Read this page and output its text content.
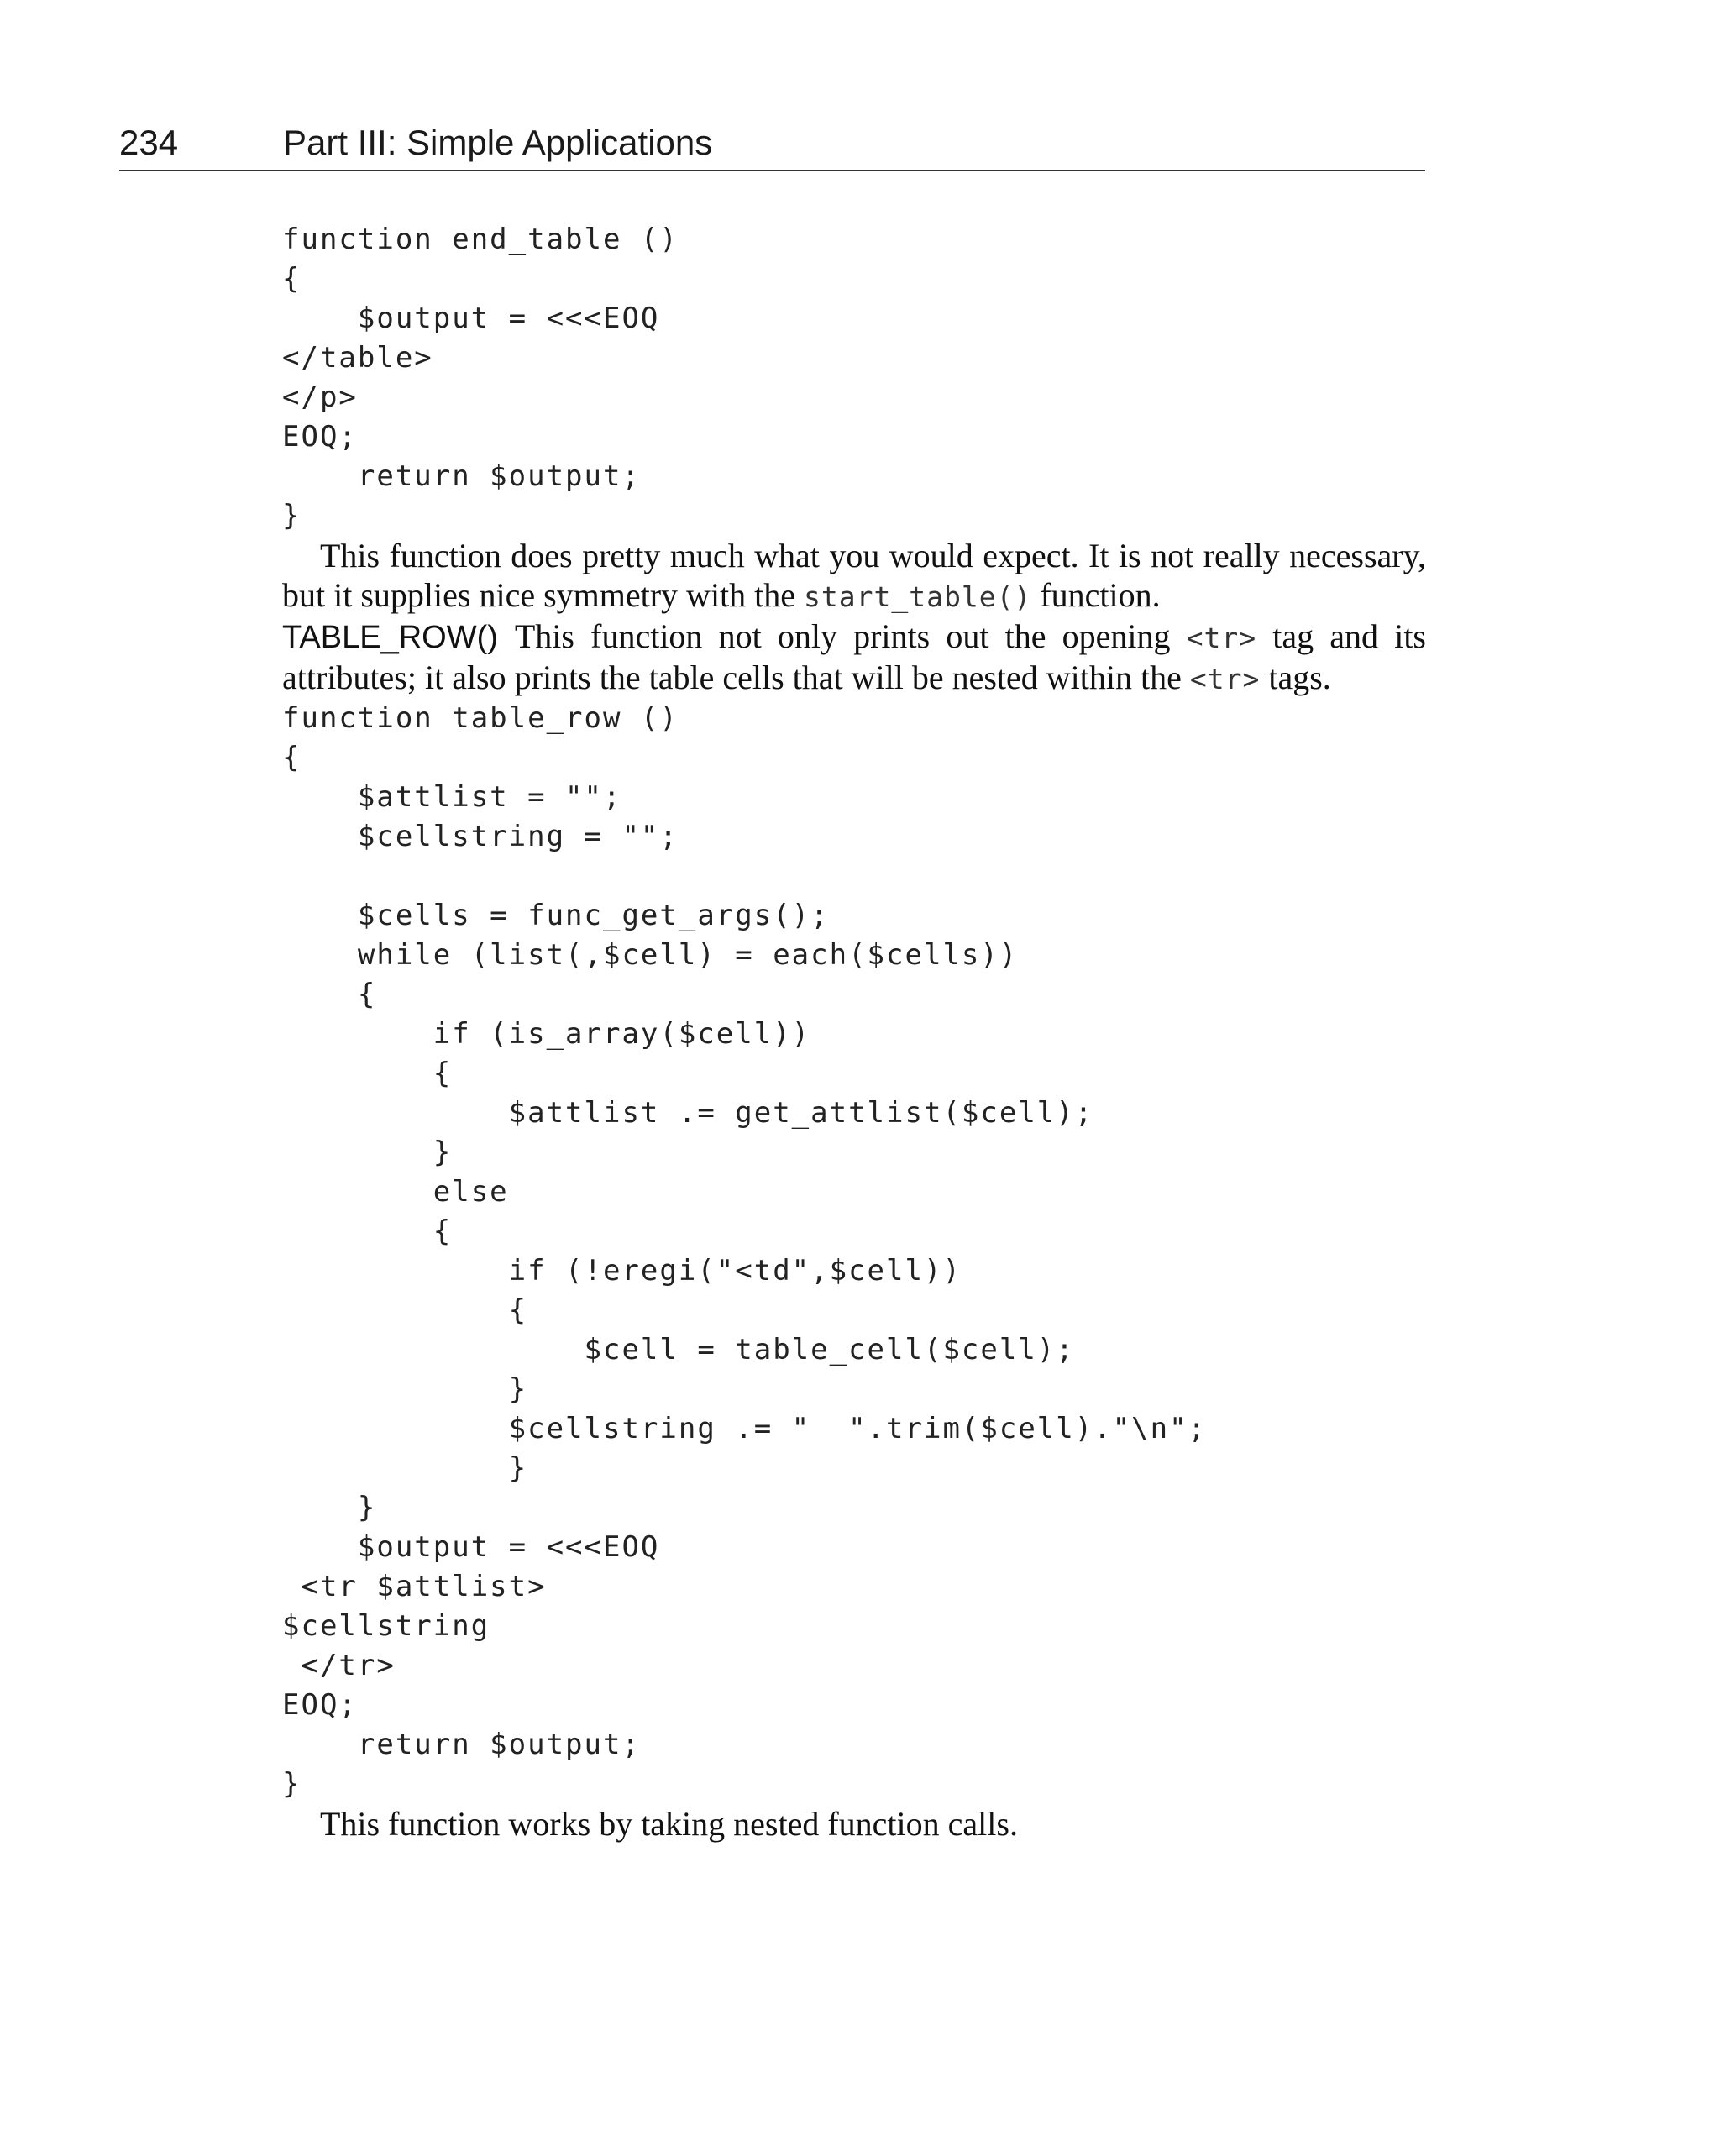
234	Part III: Simple Applications
function end_table ()
{
$output = <<<EOQ
</table>
</p>
EOQ;
return $output;
}

This function does pretty much what you would expect. It is not really necessary, but it supplies nice symmetry with the start_table() function.

TABLE_ROW() This function not only prints out the opening <tr> tag and its attributes; it also prints the table cells that will be nested within the <tr> tags.

function table_row ()
{
$attlist = "";
$cellstring = "";

$cells = func_get_args();
while (list(,$cell) = each($cells))
{
if (is_array($cell))
{
$attlist .= get_attlist($cell);
}
else
{
if (!eregi("<td",$cell))
{
$cell = table_cell($cell);
}
$cellstring .= "  ".trim($cell)."\n";
}
}
$output = <<<EOQ
<tr $attlist>
$cellstring
</tr>
EOQ;
return $output;
}

This function works by taking nested function calls.
